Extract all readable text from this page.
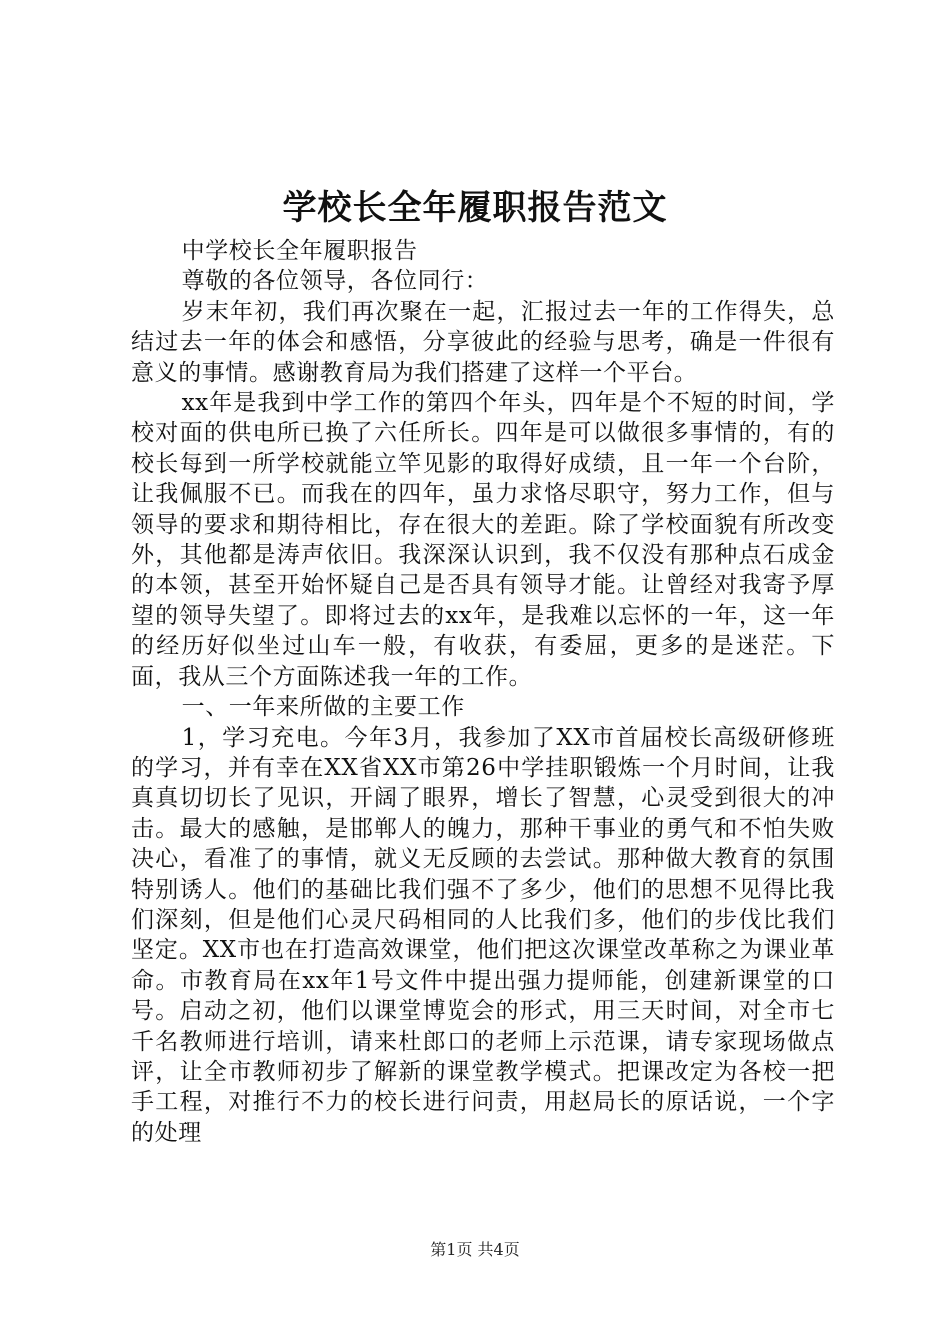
学校长全年履职报告范文

中学校长全年履职报告

尊敬的各位领导，各位同行：

岁末年初，我们再次聚在一起，汇报过去一年的工作得失，总结过去一年的体会和感悟，分享彼此的经验与思考，确是一件很有意义的事情。感谢教育局为我们搭建了这样一个平台。

xx年是我到中学工作的第四个年头，四年是个不短的时间，学校对面的供电所已换了六任所长。四年是可以做很多事情的，有的校长每到一所学校就能立竿见影的取得好成绩，且一年一个台阶，让我佩服不已。而我在的四年，虽力求恪尽职守，努力工作，但与领导的要求和期待相比，存在很大的差距。除了学校面貌有所改变外，其他都是涛声依旧。我深深认识到，我不仅没有那种点石成金的本领，甚至开始怀疑自己是否具有领导才能。让曾经对我寄予厚望的领导失望了。即将过去的xx年，是我难以忘怀的一年，这一年的经历好似坐过山车一般，有收获，有委屈，更多的是迷茫。下面，我从三个方面陈述我一年的工作。

一、一年来所做的主要工作

1，学习充电。今年3月，我参加了XX市首届校长高级研修班的学习，并有幸在XX省XX市第26中学挂职锻炼一个月时间，让我真真切切长了见识，开阔了眼界，增长了智慧，心灵受到很大的冲击。最大的感触，是邯郸人的魄力，那种干事业的勇气和不怕失败决心，看准了的事情，就义无反顾的去尝试。那种做大教育的氛围特别诱人。他们的基础比我们强不了多少，他们的思想不见得比我们深刻，但是他们心灵尺码相同的人比我们多，他们的步伐比我们坚定。XX市也在打造高效课堂，他们把这次课堂改革称之为课业革命。市教育局在xx年1号文件中提出强力提师能，创建新课堂的口号。启动之初，他们以课堂博览会的形式，用三天时间，对全市七千名教师进行培训，请来杜郎口的老师上示范课，请专家现场做点评，让全市教师初步了解新的课堂教学模式。把课改定为各校一把手工程，对推行不力的校长进行问责，用赵局长的原话说，一个字的处理

第1页 共4页
